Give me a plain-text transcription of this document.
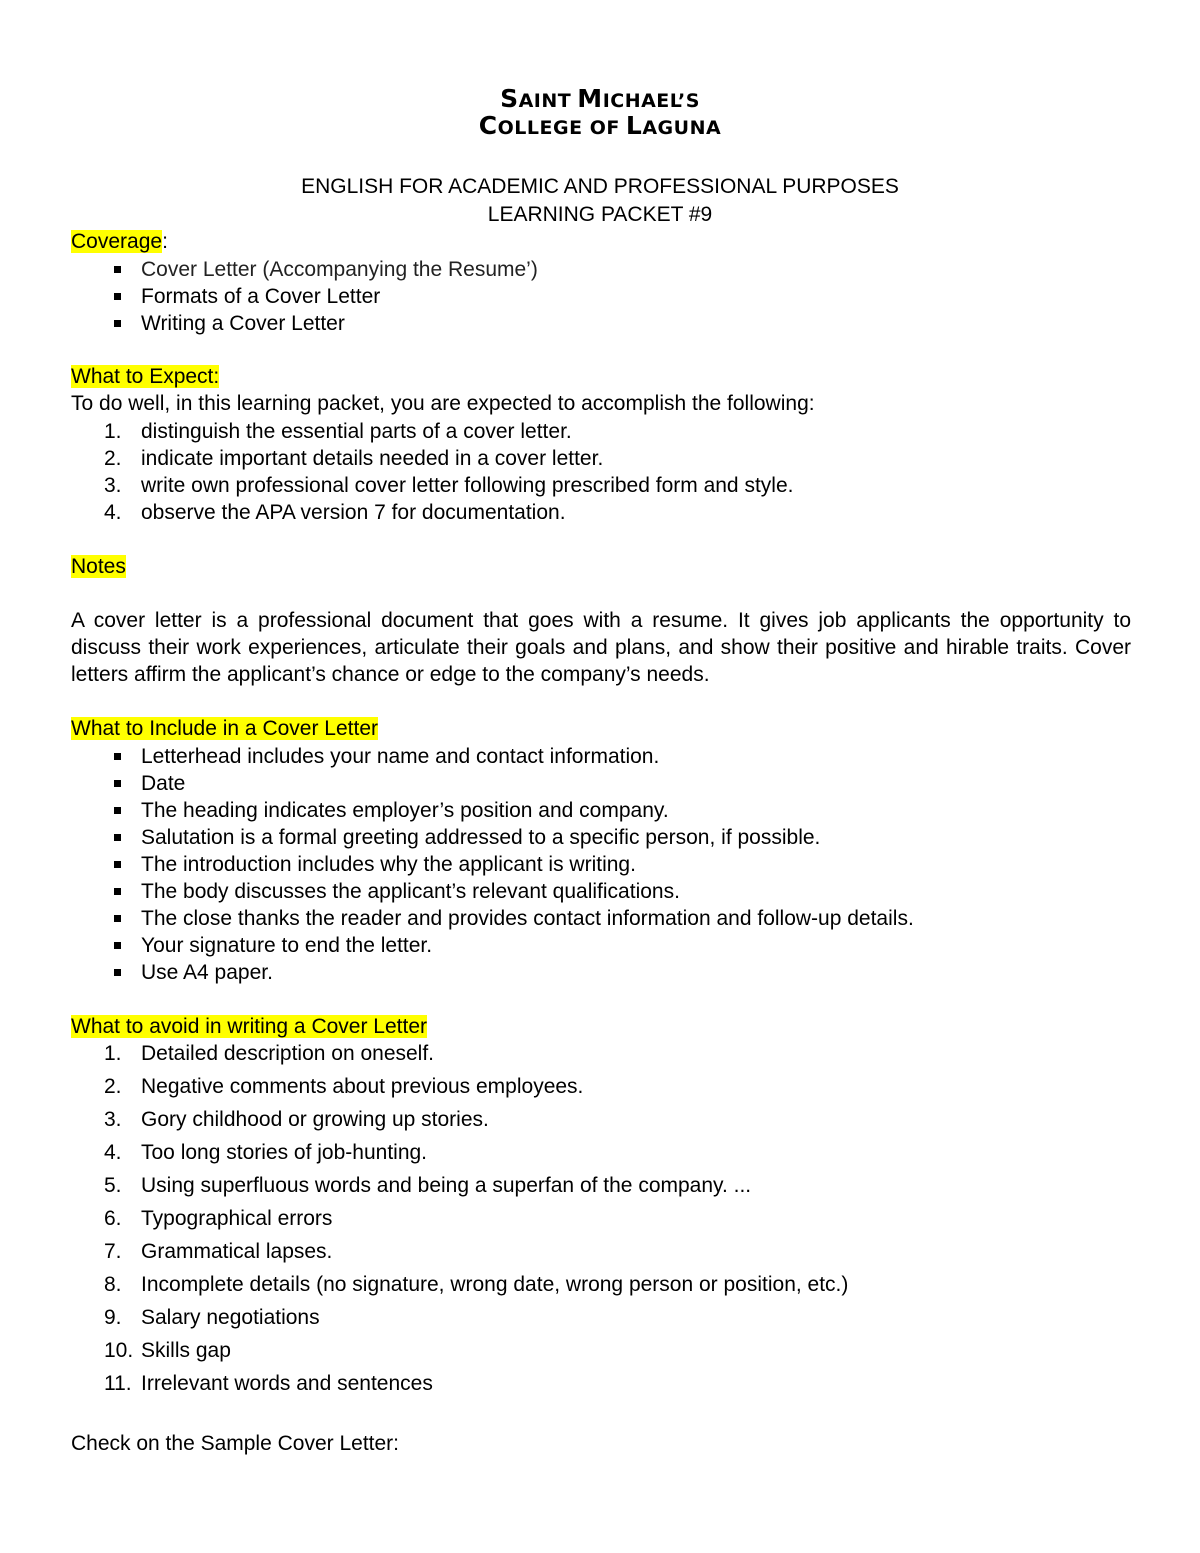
SAINT MICHAEL’S
COLLEGE OF LAGUNA
ENGLISH FOR ACADEMIC AND PROFESSIONAL PURPOSES
LEARNING PACKET #9
Coverage:
Cover Letter (Accompanying the Resume’)
Formats of a Cover Letter
Writing a Cover Letter
What to Expect:
To do well, in this learning packet, you are expected to accomplish the following:
1. distinguish the essential parts of a cover letter.
2. indicate important details needed in a cover letter.
3. write own professional cover letter following prescribed form and style.
4. observe the APA version 7 for documentation.
Notes
A cover letter is a professional document that goes with a resume. It gives job applicants the opportunity to discuss their work experiences, articulate their goals and plans, and show their positive and hirable traits. Cover letters affirm the applicant’s chance or edge to the company’s needs.
What to Include in a Cover Letter
Letterhead includes your name and contact information.
Date
The heading indicates employer’s position and company.
Salutation is a formal greeting addressed to a specific person, if possible.
The introduction includes why the applicant is writing.
The body discusses the applicant’s relevant qualifications.
The close thanks the reader and provides contact information and follow-up details.
Your signature to end the letter.
Use A4 paper.
What to avoid in writing a Cover Letter
1. Detailed description on oneself.
2. Negative comments about previous employees.
3. Gory childhood or growing up stories.
4. Too long stories of job-hunting.
5. Using superfluous words and being a superfan of the company. ...
6. Typographical errors
7. Grammatical lapses.
8. Incomplete details (no signature, wrong date, wrong person or position, etc.)
9. Salary negotiations
10. Skills gap
11. Irrelevant words and sentences
Check on the Sample Cover Letter:
